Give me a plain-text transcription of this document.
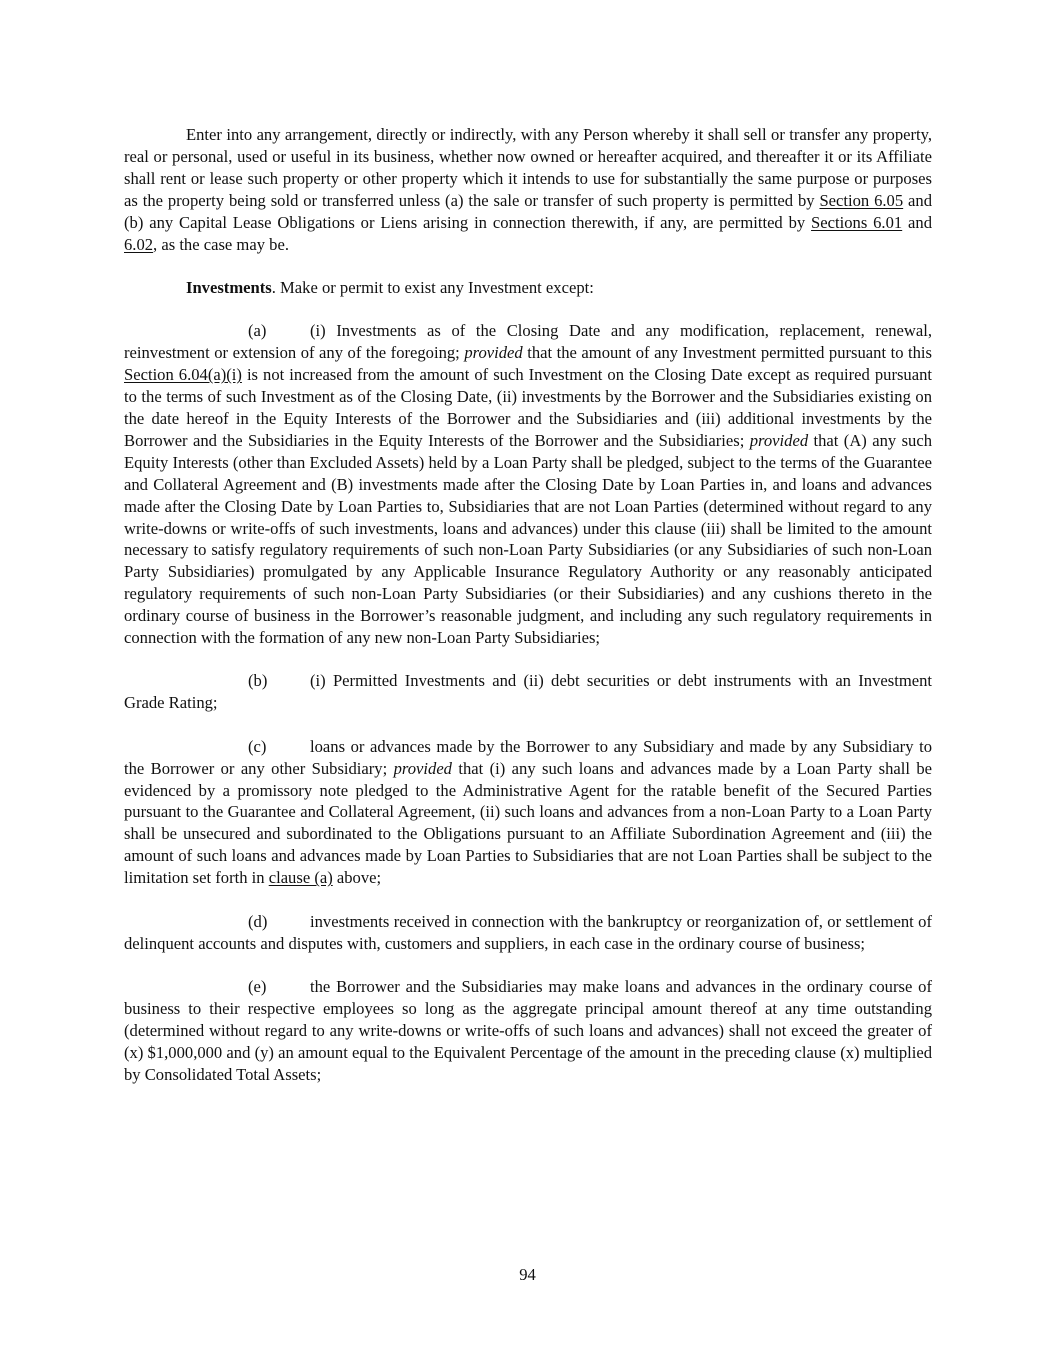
Enter into any arrangement, directly or indirectly, with any Person whereby it shall sell or transfer any property, real or personal, used or useful in its business, whether now owned or hereafter acquired, and thereafter it or its Affiliate shall rent or lease such property or other property which it intends to use for substantially the same purpose or purposes as the property being sold or transferred unless (a) the sale or transfer of such property is permitted by Section 6.05 and (b) any Capital Lease Obligations or Liens arising in connection therewith, if any, are permitted by Sections 6.01 and 6.02, as the case may be.

Investments. Make or permit to exist any Investment except:

(a)	(i) Investments as of the Closing Date and any modification, replacement, renewal, reinvestment or extension of any of the foregoing; provided that the amount of any Investment permitted pursuant to this Section 6.04(a)(i) is not increased from the amount of such Investment on the Closing Date except as required pursuant to the terms of such Investment as of the Closing Date, (ii) investments by the Borrower and the Subsidiaries existing on the date hereof in the Equity Interests of the Borrower and the Subsidiaries and (iii) additional investments by the Borrower and the Subsidiaries in the Equity Interests of the Borrower and the Subsidiaries; provided that (A) any such Equity Interests (other than Excluded Assets) held by a Loan Party shall be pledged, subject to the terms of the Guarantee and Collateral Agreement and (B) investments made after the Closing Date by Loan Parties in, and loans and advances made after the Closing Date by Loan Parties to, Subsidiaries that are not Loan Parties (determined without regard to any write-downs or write-offs of such investments, loans and advances) under this clause (iii) shall be limited to the amount necessary to satisfy regulatory requirements of such non-Loan Party Subsidiaries (or any Subsidiaries of such non-Loan Party Subsidiaries) promulgated by any Applicable Insurance Regulatory Authority or any reasonably anticipated regulatory requirements of such non-Loan Party Subsidiaries (or their Subsidiaries) and any cushions thereto in the ordinary course of business in the Borrower’s reasonable judgment, and including any such regulatory requirements in connection with the formation of any new non-Loan Party Subsidiaries;

(b)	(i) Permitted Investments and (ii) debt securities or debt instruments with an Investment Grade Rating;

(c)	loans or advances made by the Borrower to any Subsidiary and made by any Subsidiary to the Borrower or any other Subsidiary; provided that (i) any such loans and advances made by a Loan Party shall be evidenced by a promissory note pledged to the Administrative Agent for the ratable benefit of the Secured Parties pursuant to the Guarantee and Collateral Agreement, (ii) such loans and advances from a non-Loan Party to a Loan Party shall be unsecured and subordinated to the Obligations pursuant to an Affiliate Subordination Agreement and (iii) the amount of such loans and advances made by Loan Parties to Subsidiaries that are not Loan Parties shall be subject to the limitation set forth in clause (a) above;

(d)	investments received in connection with the bankruptcy or reorganization of, or settlement of delinquent accounts and disputes with, customers and suppliers, in each case in the ordinary course of business;

(e)	the Borrower and the Subsidiaries may make loans and advances in the ordinary course of business to their respective employees so long as the aggregate principal amount thereof at any time outstanding (determined without regard to any write-downs or write-offs of such loans and advances) shall not exceed the greater of (x) $1,000,000 and (y) an amount equal to the Equivalent Percentage of the amount in the preceding clause (x) multiplied by Consolidated Total Assets;

94
